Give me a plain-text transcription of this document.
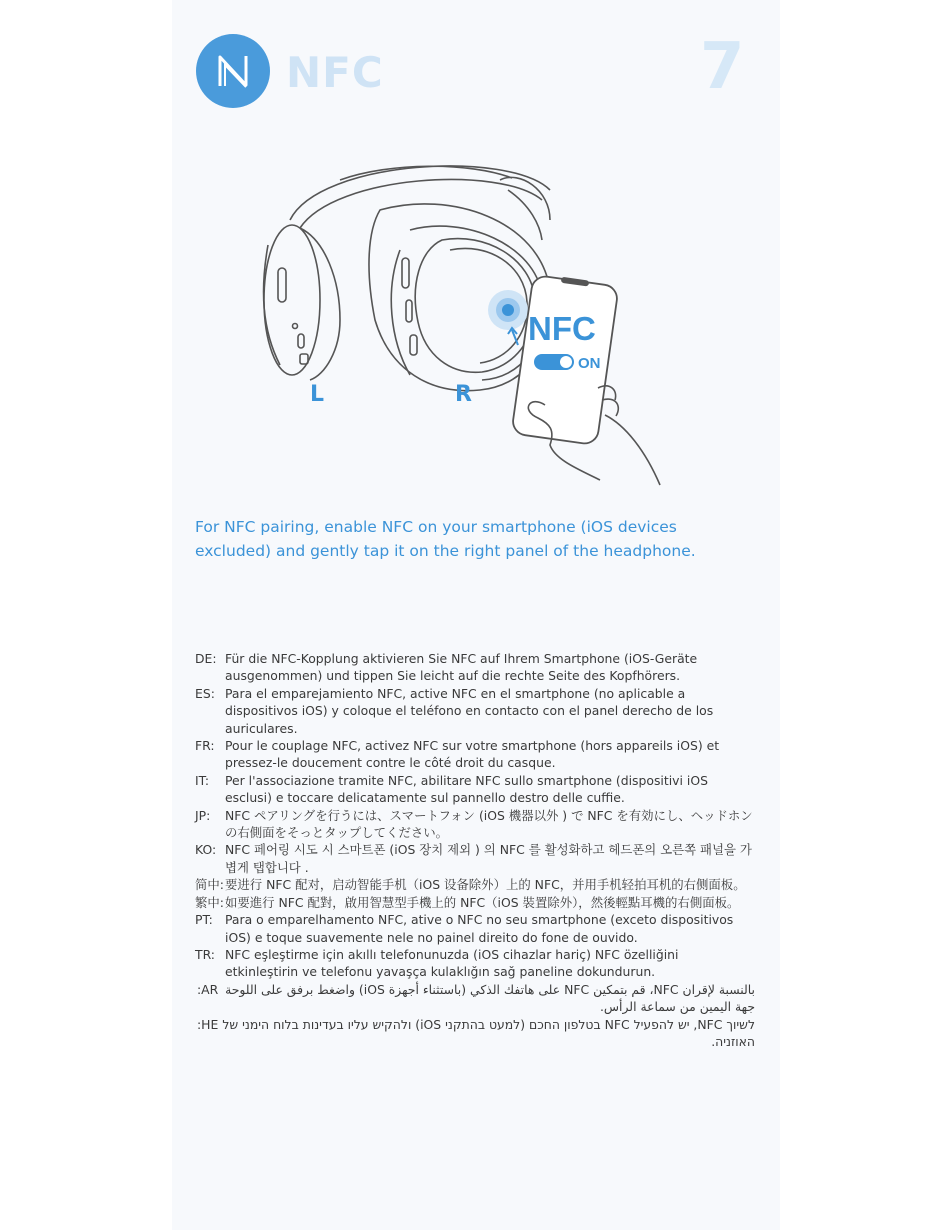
NFC	7
NFC
ON
L	R
For NFC pairing, enable NFC on your smartphone (iOS devices excluded) and gently tap it on the right panel of the headphone.
DE: Für die NFC-Kopplung aktivieren Sie NFC auf Ihrem Smartphone (iOS-Geräte ausgenommen) und tippen Sie leicht auf die rechte Seite des Kopfhörers.
ES: Para el emparejamiento NFC, active NFC en el smartphone (no aplicable a dispositivos iOS) y coloque el teléfono en contacto con el panel derecho de los auriculares.
FR: Pour le couplage NFC, activez NFC sur votre smartphone (hors appareils iOS) et pressez-le doucement contre le côté droit du casque.
IT:	Per l'associazione tramite NFC, abilitare NFC sullo smartphone (dispositivi iOS esclusi) e toccare delicatamente sul pannello destro delle cuffie.
JP:	NFC ペアリングを行うには、スマートフォン (iOS 機器以外 ) で NFC を有効にし、ヘッドホンの右側面をそっとタップしてください。
KO: NFC 페어링 시도 시 스마트폰 (iOS 장치 제외 ) 의 NFC 를 활성화하고 헤드폰의 오른쪽 패널을 가볍게 탭합니다 .
简中: 要进行 NFC 配对，启动智能手机（iOS 设备除外）上的 NFC，并用手机轻拍耳机的右侧面板。
繁中: 如要進行 NFC 配對，啟用智慧型手機上的 NFC（iOS 裝置除外），然後輕點耳機的右側面板。
PT: Para o emparelhamento NFC, ative o NFC no seu smartphone (exceto dispositivos iOS) e toque suavemente nele no painel direito do fone de ouvido.
TR: NFC eşleştirme için akıllı telefonunuzda (iOS cihazlar hariç) NFC özelliğini etkinleştirin ve telefonu yavaşça kulaklığın sağ paneline dokundurun.
:AR بالنسبة لإقران NFC، قم بتمكين NFC على هاتفك الذكي (باستثناء أجهزة iOS) واضغط برفق على اللوحة جهة اليمين من سماعة الرأس.
:HE לשיוך NFC, יש להפעיל NFC בטלפון החכם (למעט בהתקני iOS) ולהקיש עליו בעדינות בלוח הימני של האוזניה.
